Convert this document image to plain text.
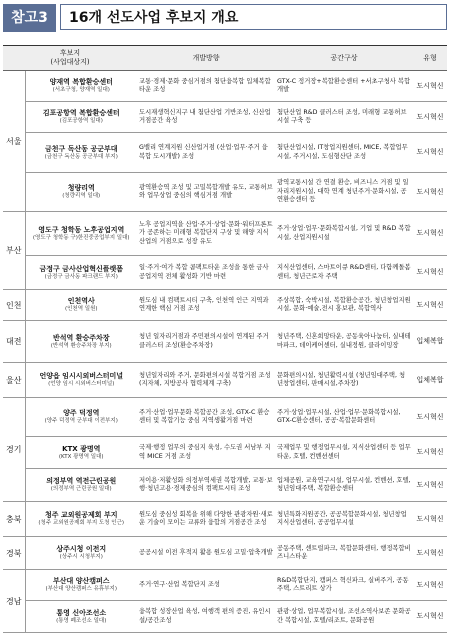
참고3	16개 선도사업 후보지 개요
후보지
(사업대상지)		개발방향	공간구상	유형
서울	양재역 복합환승센터
(서초구청, 양재역 일대)	교통·경제·문화 중심거점의 첨단융복합 입체복합타운 조성	GTX-C 정거장+복합환승센터 +서초구청사 복합개발	도시혁신

	김포공항역 복합환승센터
(김포공항역 일대)	도시재생혁신지구 내 첨단산업 기반조성, 신산업 거점공간 육성	첨단산업 R&D 클러스터 조성, 미래형 교통허브시설 구축 등	도시혁신

	금천구 독산동 공군부대
(금천구 독산동 공군부대 부지)	G밸리 연계지원 신산업거점 (산업·업무·주거 융복합 도시개발) 조성	첨단산업시설, IT창업지원센터, MICE, 복합업무시설, 주거시설, 도심형산단 조성	도시혁신

	청량리역
(청량리역 일대)	광역환승역 조성 및 고밀복합개발 유도, 교통허브와 업무상업 중심의 핵심거점 개발	광역교통시설 간 연결 환승, 비즈니스 거점 및 일자리지원시설, 대학 연계 청년주거·문화시설, 공연환승센터 등	도시혁신
부산	영도구 청학동 노후공업지역
(영도구 청학동 구)한진중공업부지 일대)	노후 공업지역을 산업·주거·상업·문화·워터프론트가 공존하는 미래형 복합단지 구상 및 해양 지식산업의 거점으로 성장 유도	주거·상업·업무·문화복합시설, 기업 및 R&D 복합시설, 산업지원시설	도시혁신

	금정구 금사산업혁신플랫폼
(금정구 금사동 파크랜드 부지)	일·주거·여가 복합 콤팩트타운 조성을 통한 금사공업지역 전체 활성화 기반 마련	지식산업센터, 스마트이큐 R&D센터, 다함께돌봄센터, 청년근로자 주택	도시혁신
인천	인천역사
(인천역 일원)	원도심 내 컴팩트시티 구축, 인천역 인근 지역과 연계한 핵심 거점 조성	주상복합, 숙박시설, 복합환승공간, 청년창업지원시설, 문화·예술,전시 홍보관, 복합역사	도시혁신
대전	반석역 환승주차장
(반석역 환승주차장 부지)	청년 일자리거점과 주민편의시설이 연계된 주거클러스터 조성(환승주차장)	청년주택, 신혼희망타운, 공동육아나눔터, 실내테마파크, 데이케어센터, 실내정원, 클라이밍장	입체복합
울산	언양읍 임시시외버스터미널
(언양 임시 시외버스터미널)	청년일자리와 주거, 문화편의시설 복합거점 조성 (지자체, 지방공사 협력체계 구축)	문화편의시설, 청년활력시설 (청년임대주택, 청년창업센터, 판매시설,주차장)	입체복합
경기	양주 덕정역
(양주 덕정역 군부대 이전부지)	주거·산업·업무문화 복합공간 조성, GTX-C 환승센터 및 복합기능 중심 지역생활거점 마련	주거·상업·업무시설, 산업·업무·문화복합시설, GTX-C환승센터, 공공·복합문화센터	도시혁신

	KTX 광명역
(KTX 광명역 일대)	국제·행정 업무의 중심지 육성, 수도권 서남부 지역 MICE 거점 조성	국제업무 및 행정업무시설, 지식산업센터 등 업무타운, 호텔, 컨벤션센터	도시혁신

	의정부역 역전근린공원
(의정부역 근린공원 일대)	저이용·저활성화 의정부역세권 복합개발, 교통·보행·청년고용·경제중심의 컴팩트시티 조성	입체공원, 교육연구시설, 업무시설, 컨벤션, 호텔, 청년임대주택, 복합환승센터	도시혁신
충북	청주 교외원공제회 부지
(청주 교외원공제회 부지 도청 인근)	원도심 중심성 회복을 위해 다양한 관광자원·새로운 기술이 모이는 교류와 융합의 거점공간 조성	청년특화지원공간, 공공복합문화시설, 청년창업 지식산업센터, 공공업무시설	도시혁신
경북	상주시청 이전지
(상주시 시청부지)	공공시설 이전 후적지 활용 원도심 고밀·압축개발	공동주택, 센트럴파크, 복합문화센터, 행정복합비즈니스타운	도시혁신
경남	부산대 양산캠퍼스
(부산대 양산캠퍼스 유휴부지)	주거·연구·산업 복합단지 조성	R&D복합단지, 캠퍼스 혁신파크, 실버주거, 공동주택, 스트리트 상가	도시혁신

	통영 신아조선소
(통영 폐조선소 일대)	융복합 성장산업 육성, 여행객 편의 증진, 유인시설/공간조성	관광·상업, 업무복합시설, 조선소역사보존 문화공간 복합시설, 호텔/리조트, 문화공원	도시혁신
